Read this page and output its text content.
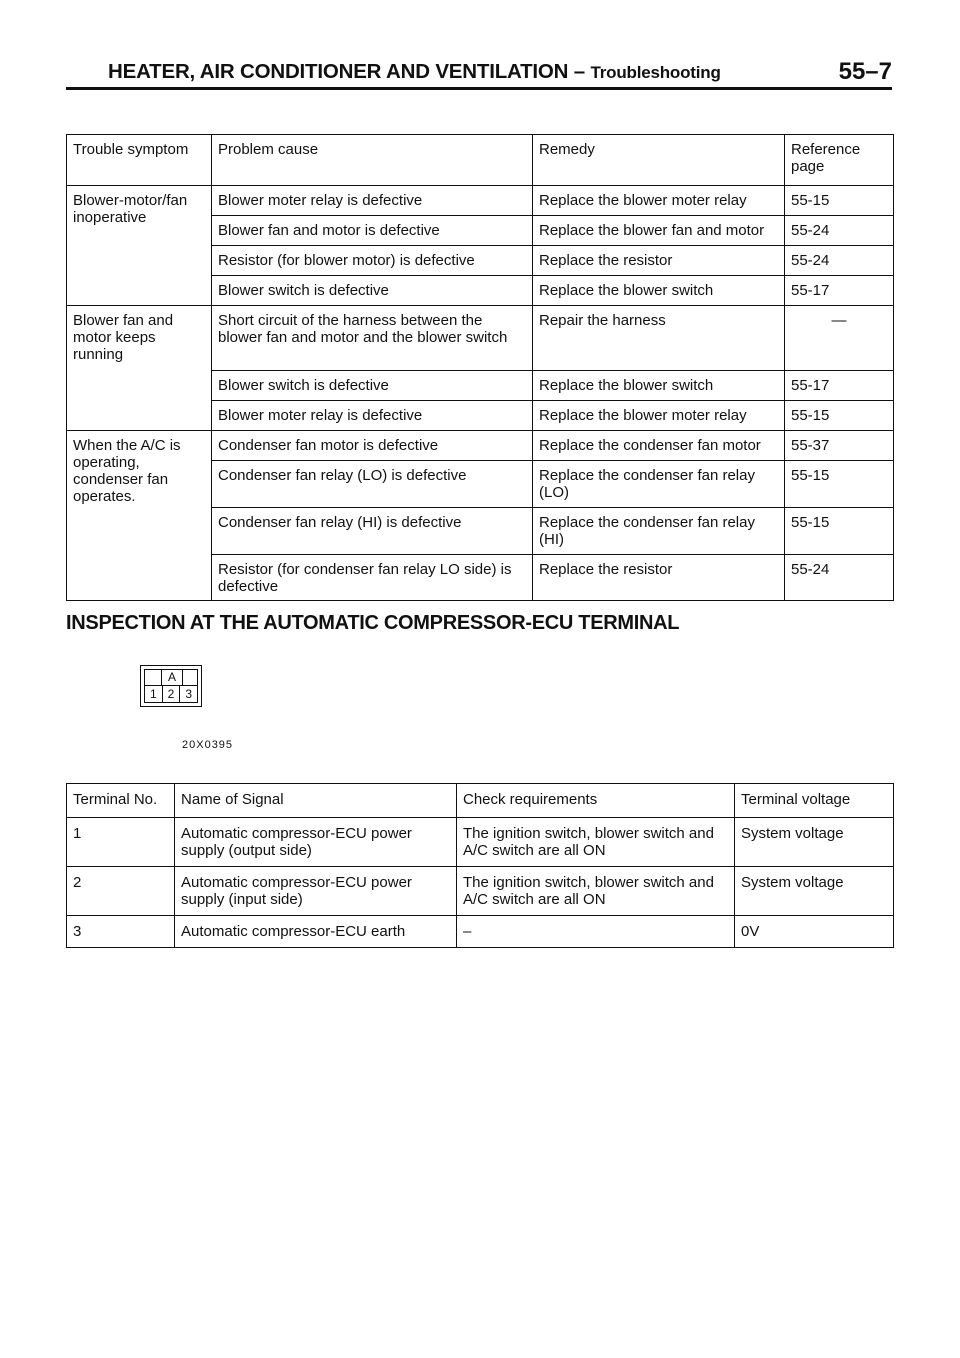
HEATER, AIR CONDITIONER AND VENTILATION – Troubleshooting	55–7
Trouble symptom	Problem cause	Remedy	Reference page
Blower-motor/fan inoperative	Blower moter relay is defective	Replace the blower moter relay	55-15
	Blower fan and motor is defective	Replace the blower fan and motor	55-24
	Resistor (for blower motor) is defective	Replace the resistor	55-24
	Blower switch is defective	Replace the blower switch	55-17
Blower fan and motor keeps running	Short circuit of the harness between the blower fan and motor and the blower switch	Repair the harness	—
	Blower switch is defective	Replace the blower switch	55-17
	Blower moter relay is defective	Replace the blower moter relay	55-15
When the A/C is operating, condenser fan operates.	Condenser fan motor is defective	Replace the condenser fan motor	55-37
	Condenser fan relay (LO) is defective	Replace the condenser fan relay (LO)	55-15
	Condenser fan relay (HI) is defective	Replace the condenser fan relay (HI)	55-15
	Resistor (for condenser fan relay LO side) is defective	Replace the resistor	55-24
INSPECTION AT THE AUTOMATIC COMPRESSOR-ECU TERMINAL
A
1 2 3
20X0395
Terminal No.	Name of Signal	Check requirements	Terminal voltage
1	Automatic compressor-ECU power supply (output side)	The ignition switch, blower switch and A/C switch are all ON	System voltage
2	Automatic compressor-ECU power supply (input side)	The ignition switch, blower switch and A/C switch are all ON	System voltage
3	Automatic compressor-ECU earth	–	0V
